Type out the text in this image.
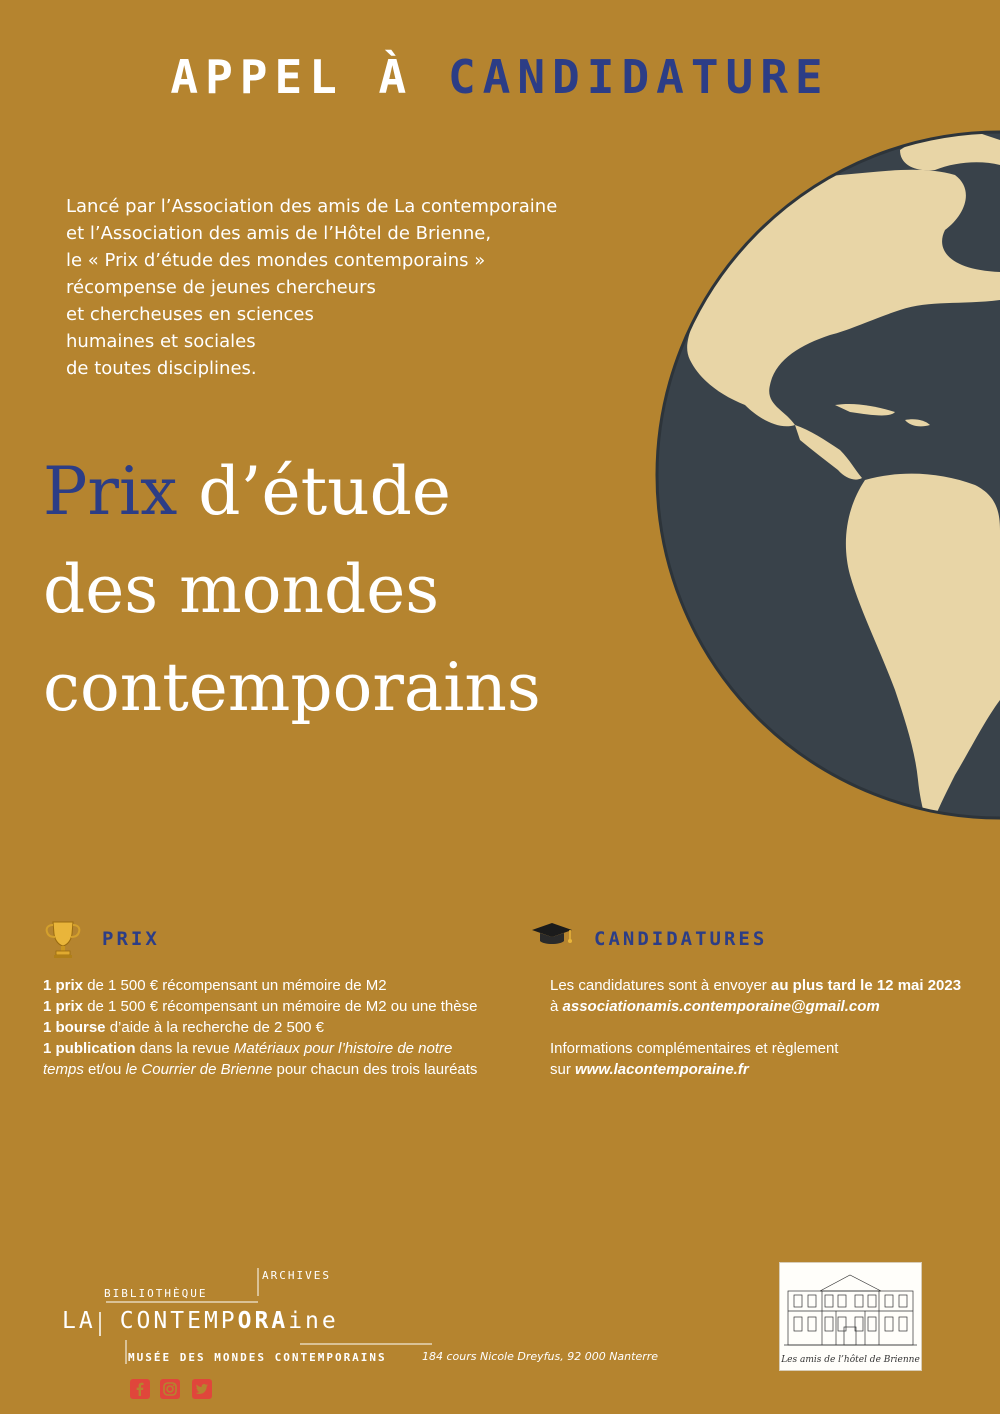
APPEL À CANDIDATURE
Lancé par l’Association des amis de La contemporaine
et l’Association des amis de l’Hôtel de Brienne,
le « Prix d’étude des mondes contemporains »
récompense de jeunes chercheurs
et chercheuses en sciences
humaines et sociales
de toutes disciplines.
Prix d’étude
des mondes
contemporains
PRIX
1 prix de 1 500 € récompensant un mémoire de M2
1 prix de 1 500 € récompensant un mémoire de M2 ou une thèse
1 bourse d’aide à la recherche de 2 500 €
1 publication dans la revue Matériaux pour l’histoire de notre
temps et/ou le Courrier de Brienne pour chacun des trois lauréats
CANDIDATURES
Les candidatures sont à envoyer au plus tard le 12 mai 2023
à associationamis.contemporaine@gmail.com
Informations complémentaires et règlement
sur www.lacontemporaine.fr
ARCHIVES
BIBLIOTHÈQUE
LA CONTEMPORAine
MUSÉE DES MONDES CONTEMPORAINS	184 cours Nicole Dreyfus, 92 000 Nanterre	Les amis de l’hôtel de Brienne
